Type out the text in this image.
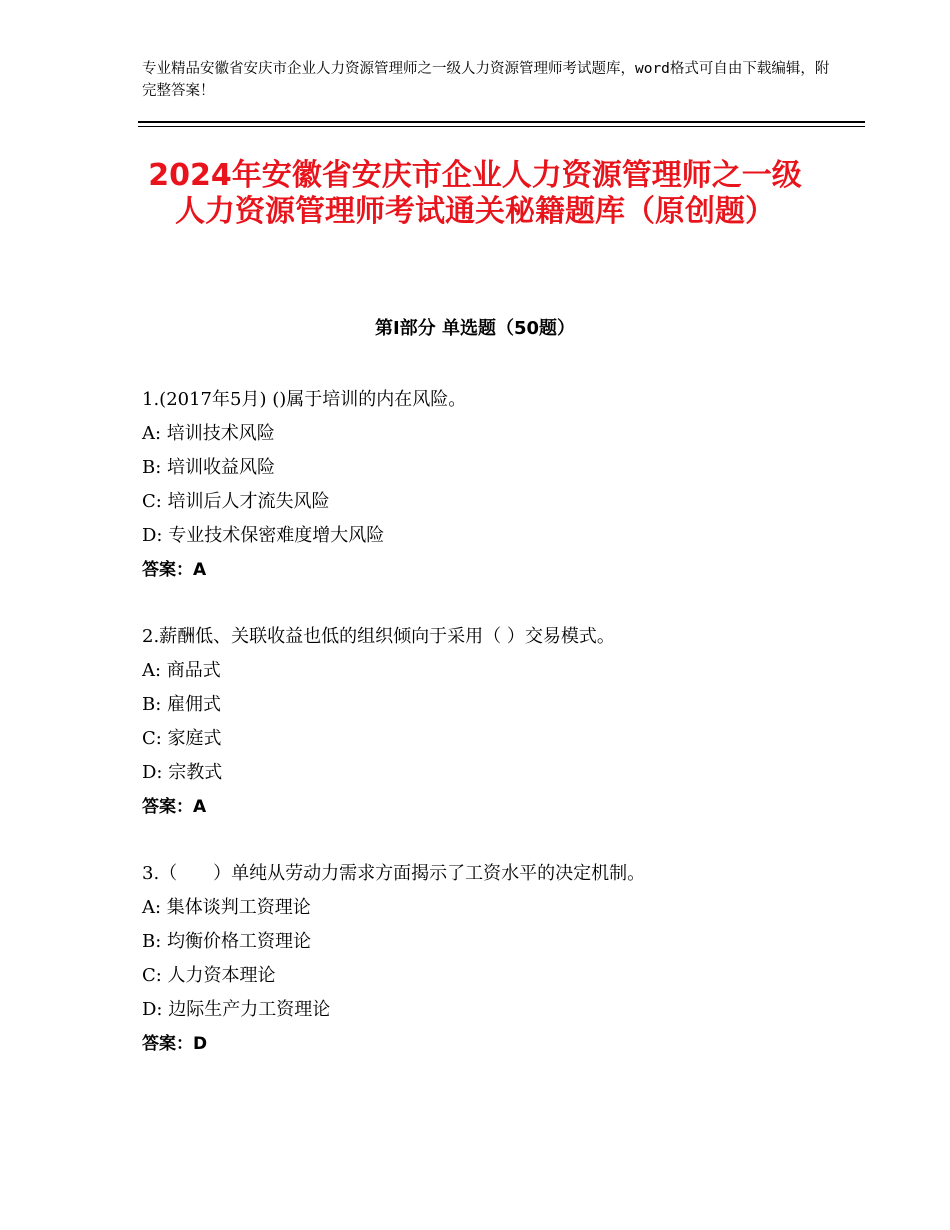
专业精品安徽省安庆市企业人力资源管理师之一级人力资源管理师考试题库，word格式可自由下载编辑，附完整答案！
2024年安徽省安庆市企业人力资源管理师之一级人力资源管理师考试通关秘籍题库（原创题）
第Ⅰ部分 单选题（50题）
1.(2017年5月) ()属于培训的内在风险。
A: 培训技术风险
B: 培训收益风险
C: 培训后人才流失风险
D: 专业技术保密难度增大风险
答案：A
2.薪酬低、关联收益也低的组织倾向于采用（ ）交易模式。
A: 商品式
B: 雇佣式
C: 家庭式
D: 宗教式
答案：A
3.（　　）单纯从劳动力需求方面揭示了工资水平的决定机制。
A: 集体谈判工资理论
B: 均衡价格工资理论
C: 人力资本理论
D: 边际生产力工资理论
答案：D
